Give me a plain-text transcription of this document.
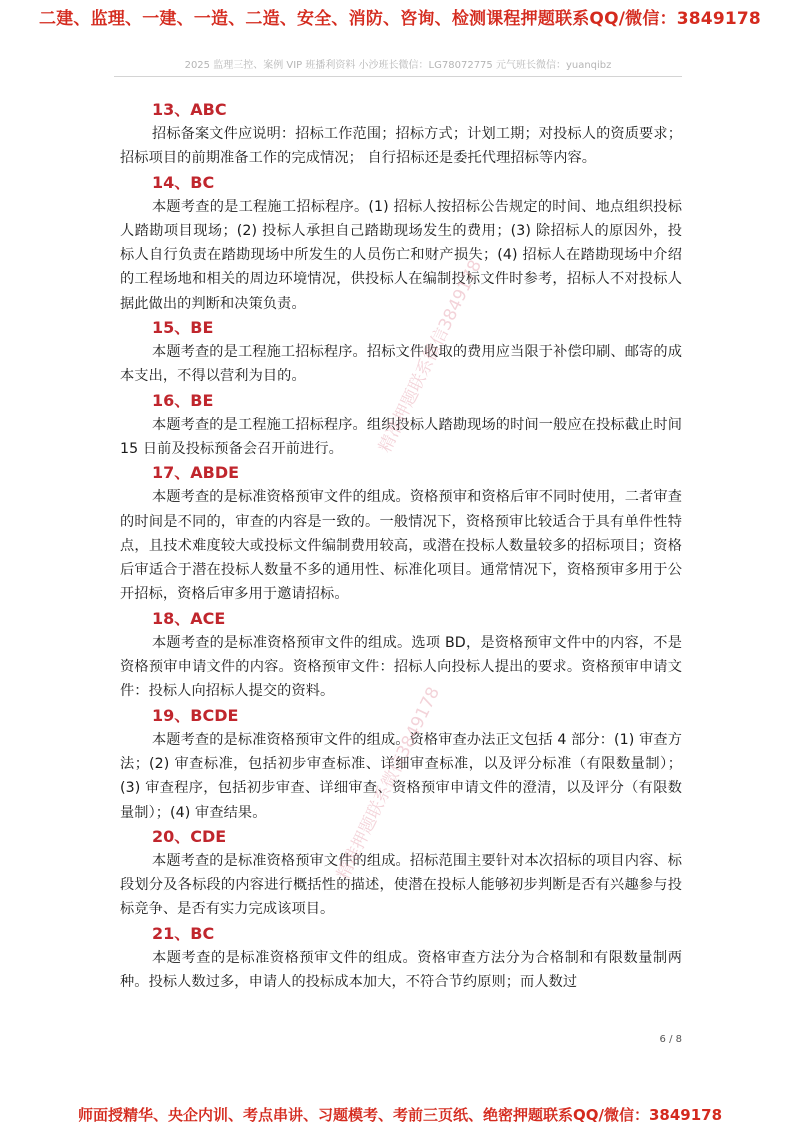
二建、监理、一建、一造、二造、安全、消防、咨询、检测课程押题联系QQ/微信：3849178
2025 监理三控、案例 VIP 班播利资料 小沙班长微信：LG78072775 元气班长微信：yuanqibz
13、ABC

招标备案文件应说明：招标工作范围；招标方式；计划工期；对投标人的资质要求；招标项目的前期准备工作的完成情况； 自行招标还是委托代理招标等内容。

14、BC

本题考查的是工程施工招标程序。(1) 招标人按招标公告规定的时间、地点组织投标人踏勘项目现场；(2) 投标人承担自己踏勘现场发生的费用；(3) 除招标人的原因外，投标人自行负责在踏勘现场中所发生的人员伤亡和财产损失；(4) 招标人在踏勘现场中介绍的工程场地和相关的周边环境情况，供投标人在编制投标文件时参考，招标人不对投标人据此做出的判断和决策负责。

15、BE

本题考查的是工程施工招标程序。招标文件收取的费用应当限于补偿印刷、邮寄的成本支出，不得以营利为目的。

16、BE

本题考查的是工程施工招标程序。组织投标人踏勘现场的时间一般应在投标截止时间 15 日前及投标预备会召开前进行。

17、ABDE

本题考查的是标准资格预审文件的组成。资格预审和资格后审不同时使用，二者审查的时间是不同的，审查的内容是一致的。一般情况下，资格预审比较适合于具有单件性特点，且技术难度较大或投标文件编制费用较高，或潜在投标人数量较多的招标项目；资格后审适合于潜在投标人数量不多的通用性、标准化项目。通常情况下，资格预审多用于公开招标，资格后审多用于邀请招标。

18、ACE

本题考查的是标准资格预审文件的组成。选项 BD，是资格预审文件中的内容，不是资格预审申请文件的内容。资格预审文件：招标人向投标人提出的要求。资格预审申请文件：投标人向招标人提交的资料。

19、BCDE

本题考查的是标准资格预审文件的组成。资格审查办法正文包括 4 部分：(1) 审查方法；(2) 审查标准，包括初步审查标准、详细审查标准，以及评分标准（有限数量制）；(3) 审查程序，包括初步审查、详细审查、资格预审申请文件的澄清，以及评分（有限数量制）；(4) 审查结果。

20、CDE

本题考查的是标准资格预审文件的组成。招标范围主要针对本次招标的项目内容、标段划分及各标段的内容进行概括性的描述，使潜在投标人能够初步判断是否有兴趣参与投标竞争、是否有实力完成该项目。

21、BC

本题考查的是标准资格预审文件的组成。资格审查方法分为合格制和有限数量制两种。投标人数过多，申请人的投标成本加大，不符合节约原则；而人数过

精准押题联系微信3849178
精准押题联系微信3849178
6 / 8
师面授精华、央企内训、考点串讲、习题模考、考前三页纸、绝密押题联系QQ/微信：3849178
